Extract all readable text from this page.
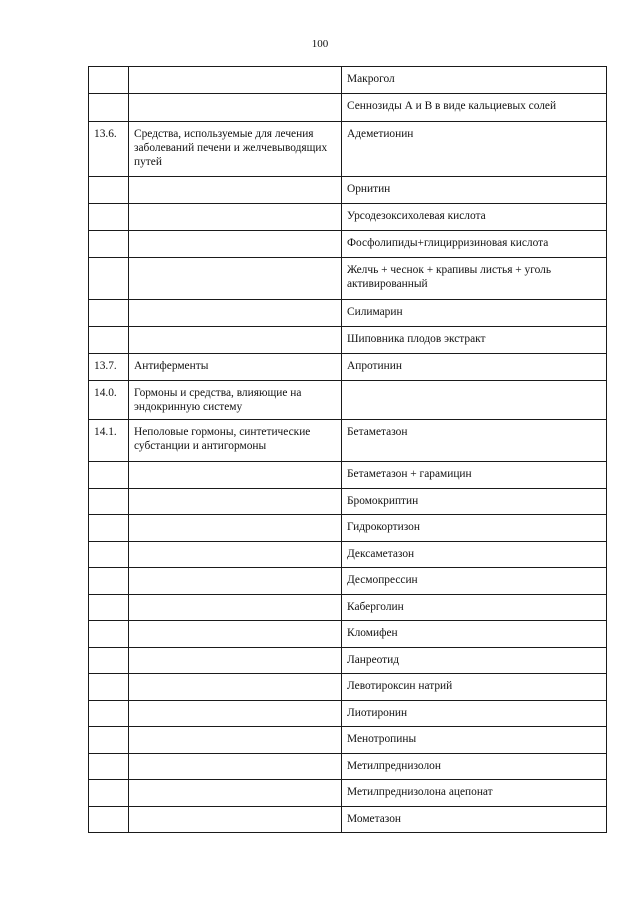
100
		Макрогол
		Сеннозиды А и В в виде кальциевых солей
13.6.	Средства, используемые для лечения заболеваний печени и желчевыводящих путей	Адеметионин
		Орнитин
		Урсодезоксихолевая кислота
		Фосфолипиды+глицирризиновая кислота
		Желчь + чеснок + крапивы листья + уголь активированный
		Силимарин
		Шиповника плодов экстракт
13.7.	Антиферменты	Апротинин
14.0.	Гормоны и средства, влияющие на эндокринную систему	
14.1.	Неполовые гормоны, синтетические субстанции и антигормоны	Бетаметазон
		Бетаметазон + гарамицин
		Бромокриптин
		Гидрокортизон
		Дексаметазон
		Десмопрессин
		Каберголин
		Кломифен
		Ланреотид
		Левотироксин натрий
		Лиотиронин
		Менотропины
		Метилпреднизолон
		Метилпреднизолона ацепонат
		Мометазон
